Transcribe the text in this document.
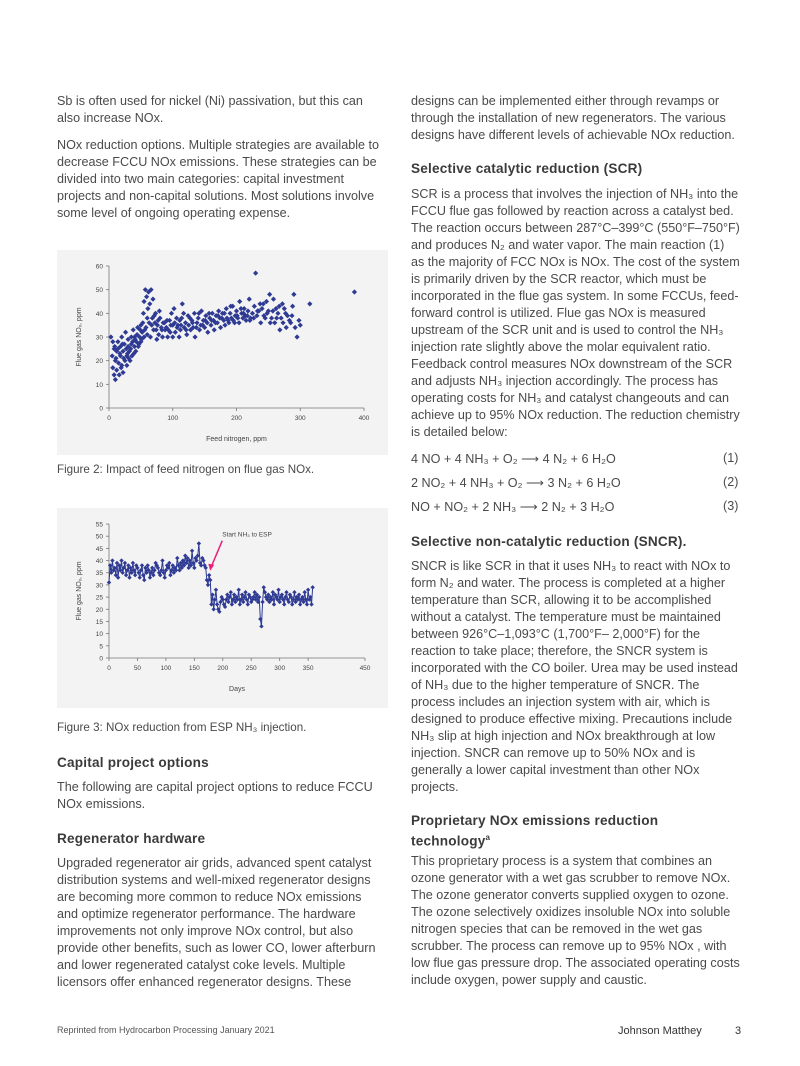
Sb is often used for nickel (Ni) passivation, but this can also increase NOx.

NOx reduction options. Multiple strategies are available to decrease FCCU NOx emissions. These strategies can be divided into two main categories: capital investment projects and non-capital solutions. Most solutions involve some level of ongoing operating expense.

0
10
20
30
40
50
60
0	100	200	300	400
Feed nitrogen, ppm
Flue gas NOₓ, ppm

Figure 2: Impact of feed nitrogen on flue gas NOx.

0
5
10
15
20
25
30
35
40
45
50
55
0	50	100	150	200	250	300	350	450
Days
Flue gas NOₓ, ppm
Start NH₃ to ESP

Figure 3: NOx reduction from ESP NH₃ injection.

Capital project options

The following are capital project options to reduce FCCU NOx emissions.

Regenerator hardware

Upgraded regenerator air grids, advanced spent catalyst distribution systems and well-mixed regenerator designs are becoming more common to reduce NOx emissions and optimize regenerator performance. The hardware improvements not only improve NOx control, but also provide other benefits, such as lower CO, lower afterburn and lower regenerated catalyst coke levels. Multiple licensors offer enhanced regenerator designs. These

designs can be implemented either through revamps or through the installation of new regenerators. The various designs have different levels of achievable NOx reduction.

Selective catalytic reduction (SCR)

SCR is a process that involves the injection of NH₃ into the FCCU flue gas followed by reaction across a catalyst bed. The reaction occurs between 287°C–399°C (550°F–750°F) and produces N₂ and water vapor. The main reaction (1) as the majority of FCC NOx is NOx. The cost of the system is primarily driven by the SCR reactor, which must be incorporated in the flue gas system. In some FCCUs, feed-forward control is utilized. Flue gas NOx is measured upstream of the SCR unit and is used to control the NH₃ injection rate slightly above the molar equivalent ratio. Feedback control measures NOx downstream of the SCR and adjusts NH₃ injection accordingly. The process has operating costs for NH₃ and catalyst changeouts and can achieve up to 95% NOx reduction. The reduction chemistry is detailed below:

4 NO + 4 NH₃ + O₂ ⟶ 4 N₂ + 6 H₂O	(1)
2 NO₂ + 4 NH₃ + O₂ ⟶ 3 N₂ + 6 H₂O	(2)
NO + NO₂ + 2 NH₃ ⟶ 2 N₂ + 3 H₂O	(3)
Selective non-catalytic reduction (SNCR).

SNCR is like SCR in that it uses NH₃ to react with NOx to form N₂ and water. The process is completed at a higher temperature than SCR, allowing it to be accomplished without a catalyst. The temperature must be maintained between 926°C–1,093°C (1,700°F– 2,000°F) for the reaction to take place; therefore, the SNCR system is incorporated with the CO boiler. Urea may be used instead of NH₃ due to the higher temperature of SNCR. The process includes an injection system with air, which is designed to produce effective mixing. Precautions include NH₃ slip at high injection and NOx breakthrough at low injection. SNCR can remove up to 50% NOx and is generally a lower capital investment than other NOx projects.

Proprietary NOx emissions reduction technology$^a$

This proprietary process is a system that combines an ozone generator with a wet gas scrubber to remove NOx. The ozone generator converts supplied oxygen to ozone. The ozone selectively oxidizes insoluble NOx into soluble nitrogen species that can be removed in the wet gas scrubber. The process can remove up to 95% NOx , with low flue gas pressure drop. The associated operating costs include oxygen, power supply and caustic.

Reprinted from Hydrocarbon Processing January 2021	Johnson Matthey	3
